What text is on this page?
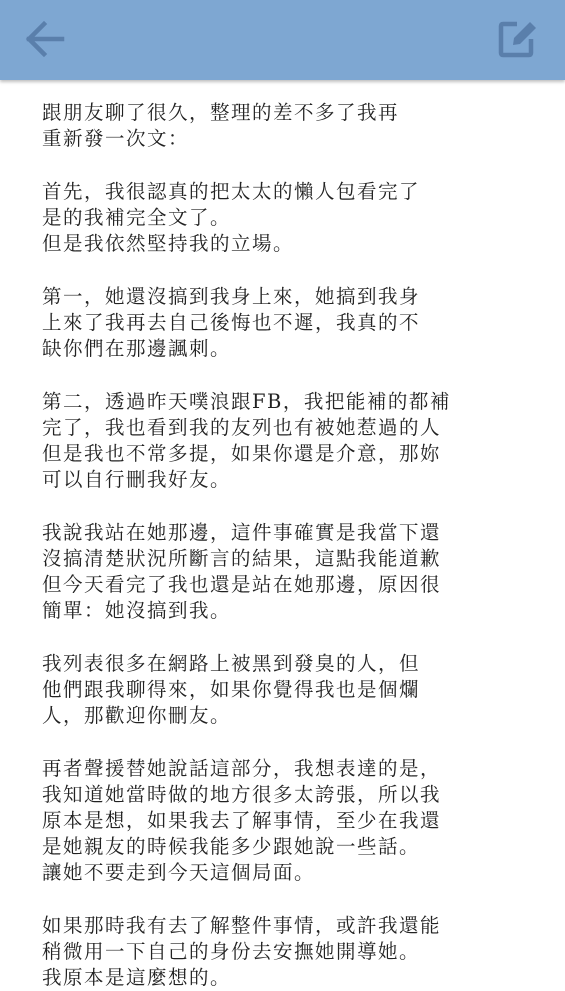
跟朋友聊了很久，整理的差不多了我再
重新發一次文：

首先，我很認真的把太太的懶人包看完了
是的我補完全文了。
但是我依然堅持我的立場。

第一，她還沒搞到我身上來，她搞到我身
上來了我再去自己後悔也不遲，我真的不
缺你們在那邊諷刺。

第二，透過昨天噗浪跟FB，我把能補的都補
完了，我也看到我的友列也有被她惹過的人
但是我也不常多提，如果你還是介意，那妳
可以自行刪我好友。

我說我站在她那邊，這件事確實是我當下還
沒搞清楚狀況所斷言的結果，這點我能道歉
但今天看完了我也還是站在她那邊，原因很
簡單：她沒搞到我。

我列表很多在網路上被黑到發臭的人，但
他們跟我聊得來，如果你覺得我也是個爛
人，那歡迎你刪友。

再者聲援替她說話這部分，我想表達的是，
我知道她當時做的地方很多太誇張，所以我
原本是想，如果我去了解事情，至少在我還
是她親友的時候我能多少跟她說一些話。
讓她不要走到今天這個局面。

如果那時我有去了解整件事情，或許我還能
稍微用一下自己的身份去安撫她開導她。
我原本是這麼想的。
